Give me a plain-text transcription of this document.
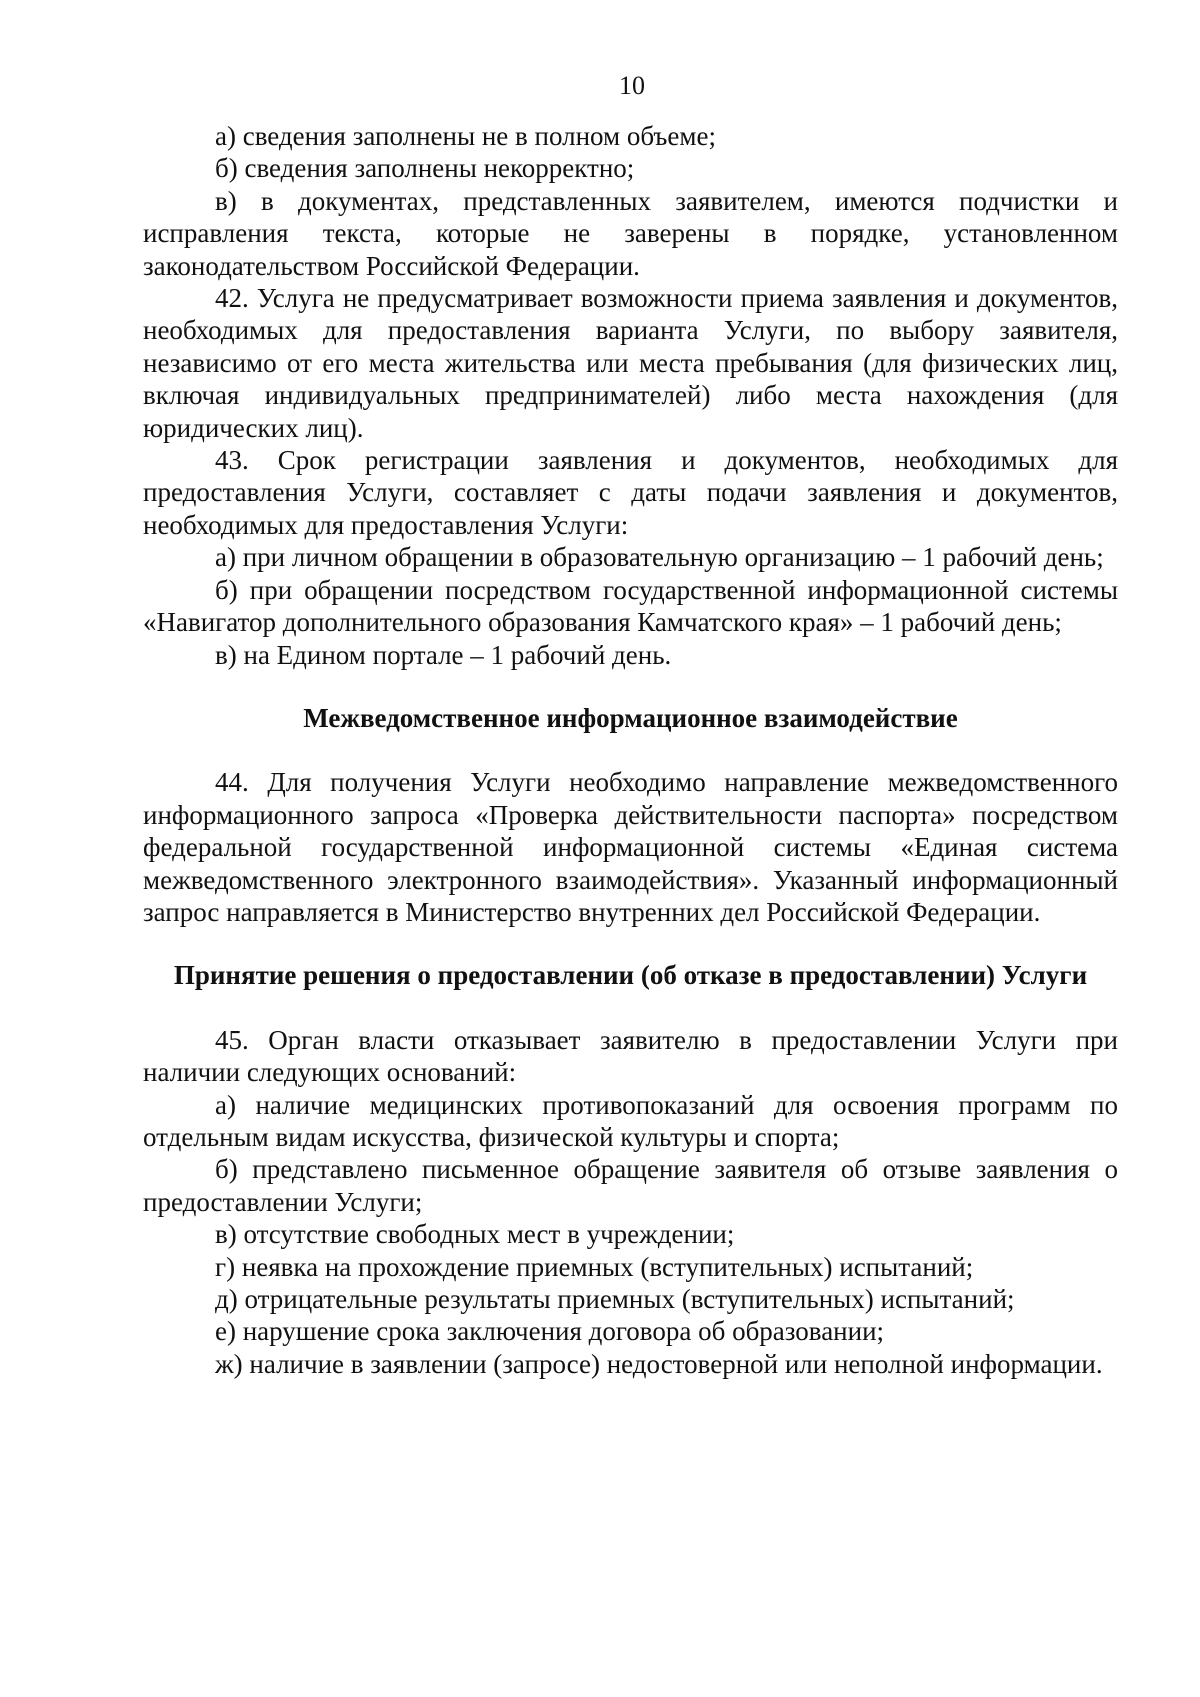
10

а) сведения заполнены не в полном объеме;

б) сведения заполнены некорректно;

в) в документах, представленных заявителем, имеются подчистки и исправления текста, которые не заверены в порядке, установленном законодательством Российской Федерации.

42. Услуга не предусматривает возможности приема заявления и документов, необходимых для предоставления варианта Услуги, по выбору заявителя, независимо от его места жительства или места пребывания (для физических лиц, включая индивидуальных предпринимателей) либо места нахождения (для юридических лиц).

43. Срок регистрации заявления и документов, необходимых для предоставления Услуги, составляет с даты подачи заявления и документов, необходимых для предоставления Услуги:

а) при личном обращении в образовательную организацию – 1 рабочий день;

б) при обращении посредством государственной информационной системы «Навигатор дополнительного образования Камчатского края» – 1 рабочий день;

в) на Едином портале – 1 рабочий день.

Межведомственное информационное взаимодействие

44. Для получения Услуги необходимо направление межведомственного информационного запроса «Проверка действительности паспорта» посредством федеральной государственной информационной системы «Единая система межведомственного электронного взаимодействия». Указанный информационный запрос направляется в Министерство внутренних дел Российской Федерации.

Принятие решения о предоставлении (об отказе в предоставлении) Услуги

45. Орган власти отказывает заявителю в предоставлении Услуги при наличии следующих оснований:

а) наличие медицинских противопоказаний для освоения программ по отдельным видам искусства, физической культуры и спорта;

б) представлено письменное обращение заявителя об отзыве заявления о предоставлении Услуги;

в) отсутствие свободных мест в учреждении;

г) неявка на прохождение приемных (вступительных) испытаний;

д) отрицательные результаты приемных (вступительных) испытаний;

е) нарушение срока заключения договора об образовании;

ж) наличие в заявлении (запросе) недостоверной или неполной информации.
